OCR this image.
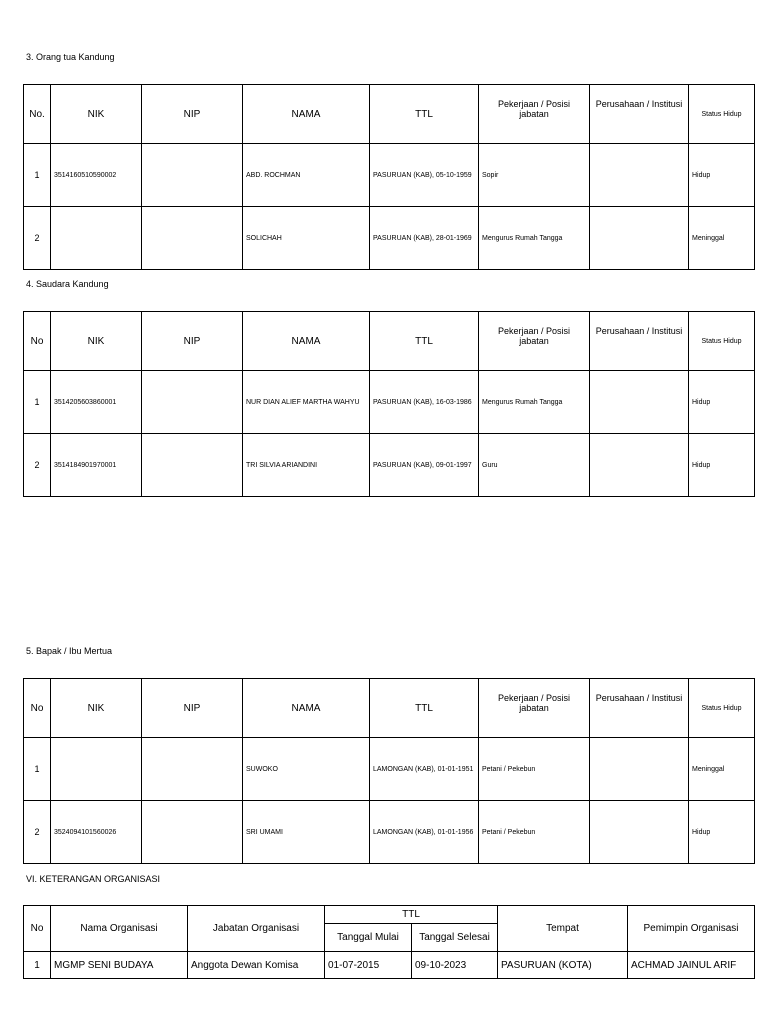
3. Orang tua Kandung
No.	NIK	NIP	NAMA	TTL	Pekerjaan / Posisi jabatan	Perusahaan / Institusi	Status Hidup
1	3514160510590002		ABD. ROCHMAN	PASURUAN (KAB), 05-10-1959	Sopir		Hidup
2			SOLICHAH	PASURUAN (KAB), 28-01-1969	Mengurus Rumah Tangga		Meninggal
4. Saudara Kandung
No	NIK	NIP	NAMA	TTL	Pekerjaan / Posisi jabatan	Perusahaan / Institusi	Status Hidup
1	3514205603860001		NUR DIAN ALIEF MARTHA WAHYU	PASURUAN (KAB), 16-03-1986	Mengurus Rumah Tangga		Hidup
2	3514184901970001		TRI SILVIA ARIANDINI	PASURUAN (KAB), 09-01-1997	Guru		Hidup
5. Bapak / Ibu Mertua
No	NIK	NIP	NAMA	TTL	Pekerjaan / Posisi jabatan	Perusahaan / Institusi	Status Hidup
1			SUWOKO	LAMONGAN (KAB), 01-01-1951	Petani / Pekebun		Meninggal
2	3524094101560026		SRI UMAMI	LAMONGAN (KAB), 01-01-1956	Petani / Pekebun		Hidup
VI. KETERANGAN ORGANISASI
No	Nama Organisasi	Jabatan Organisasi	TTL		Tempat	Pemimpin Organisasi
			Tanggal Mulai	Tanggal Selesai		
1	MGMP SENI BUDAYA	Anggota Dewan Komisa	01-07-2015	09-10-2023	PASURUAN (KOTA)	ACHMAD JAINUL ARIF
